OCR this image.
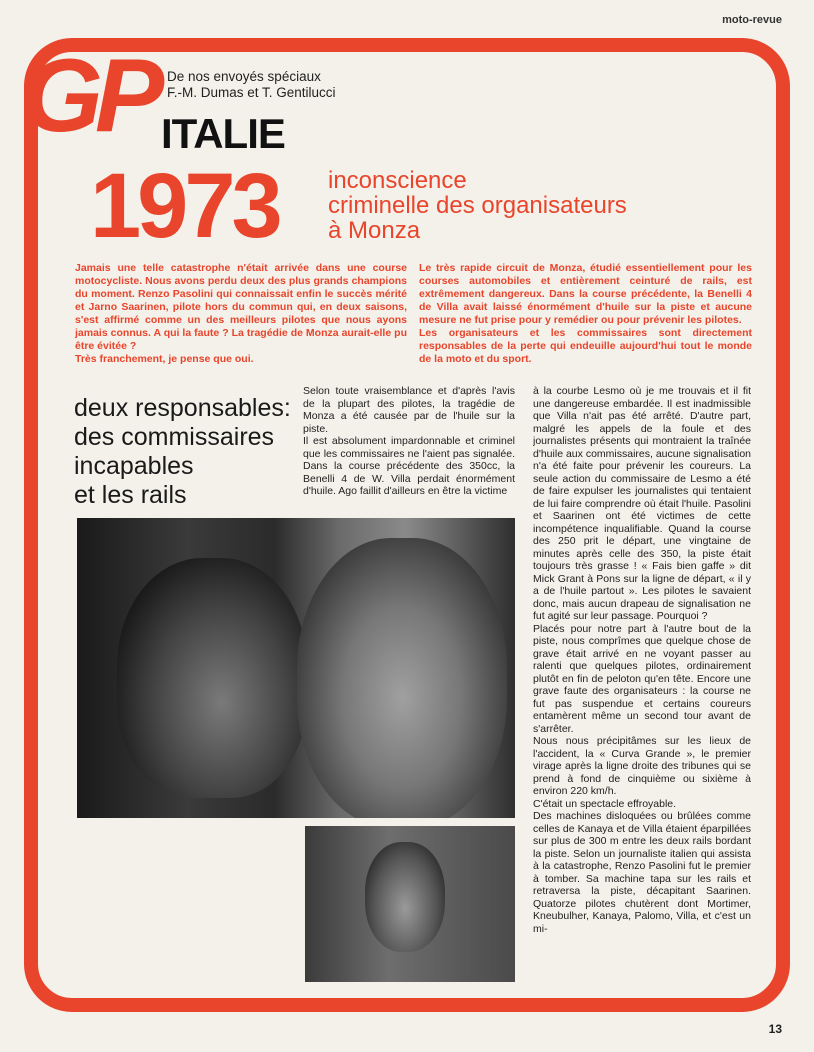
moto-revue
GP De nos envoyés spéciaux
F.-M. Dumas et T. Gentilucci
ITALIE
1973 inconscience
criminelle des organisateurs
à Monza

Jamais une telle catastrophe n'était arrivée dans une course motocycliste. Nous avons perdu deux des plus grands champions du moment. Renzo Pasolini qui connaissait enfin le succès mérité et Jarno Saarinen, pilote hors du commun qui, en deux saisons, s'est affirmé comme un des meilleurs pilotes que nous ayons jamais connus. A qui la faute ? La tragédie de Monza aurait-elle pu être évitée ?

Très franchement, je pense que oui.

Le très rapide circuit de Monza, étudié essentiellement pour les courses automobiles et entièrement ceinturé de rails, est extrêmement dangereux. Dans la course précédente, la Benelli 4 de Villa avait laissé énormément d'huile sur la piste et aucune mesure ne fut prise pour y remédier ou pour prévenir les pilotes.

Les organisateurs et les commissaires sont directement responsables de la perte qui endeuille aujourd'hui tout le monde de la moto et du sport.

deux responsables:
des commissaires
incapables
et les rails

Selon toute vraisemblance et d'après l'avis de la plupart des pilotes, la tragédie de Monza a été causée par de l'huile sur la piste.

Il est absolument impardonnable et criminel que les commissaires ne l'aient pas signalée. Dans la course précédente des 350cc, la Benelli 4 de W. Villa perdait énormément d'huile. Ago faillit d'ailleurs en être la victime

à la courbe Lesmo où je me trouvais et il fit une dangereuse embardée. Il est inadmissible que Villa n'ait pas été arrêté. D'autre part, malgré les appels de la foule et des journalistes présents qui montraient la traînée d'huile aux commissaires, aucune signalisation n'a été faite pour prévenir les coureurs. La seule action du commissaire de Lesmo a été de faire expulser les journalistes qui tentaient de lui faire comprendre où était l'huile. Pasolini et Saarinen ont été victimes de cette incompétence inqualifiable. Quand la course des 250 prit le départ, une vingtaine de minutes après celle des 350, la piste était toujours très grasse ! « Fais bien gaffe » dit Mick Grant à Pons sur la ligne de départ, « il y a de l'huile partout ». Les pilotes le savaient donc, mais aucun drapeau de signalisation ne fut agité sur leur passage. Pourquoi ?

Placés pour notre part à l'autre bout de la piste, nous comprîmes que quelque chose de grave était arrivé en ne voyant passer au ralenti que quelques pilotes, ordinairement plutôt en fin de peloton qu'en tête. Encore une grave faute des organisateurs : la course ne fut pas suspendue et certains coureurs entamèrent même un second tour avant de s'arrêter.

Nous nous précipitâmes sur les lieux de l'accident, la « Curva Grande », le premier virage après la ligne droite des tribunes qui se prend à fond de cinquième ou sixième à environ 220 km/h.

C'était un spectacle effroyable.

Des machines disloquées ou brûlées comme celles de Kanaya et de Villa étaient éparpillées sur plus de 300 m entre les deux rails bordant la piste. Selon un journaliste italien qui assista à la catastrophe, Renzo Pasolini fut le premier à tomber. Sa machine tapa sur les rails et retraversa la piste, décapitant Saarinen. Quatorze pilotes chutèrent dont Mortimer, Kneubulher, Kanaya, Palomo, Villa, et c'est un mi-

13
